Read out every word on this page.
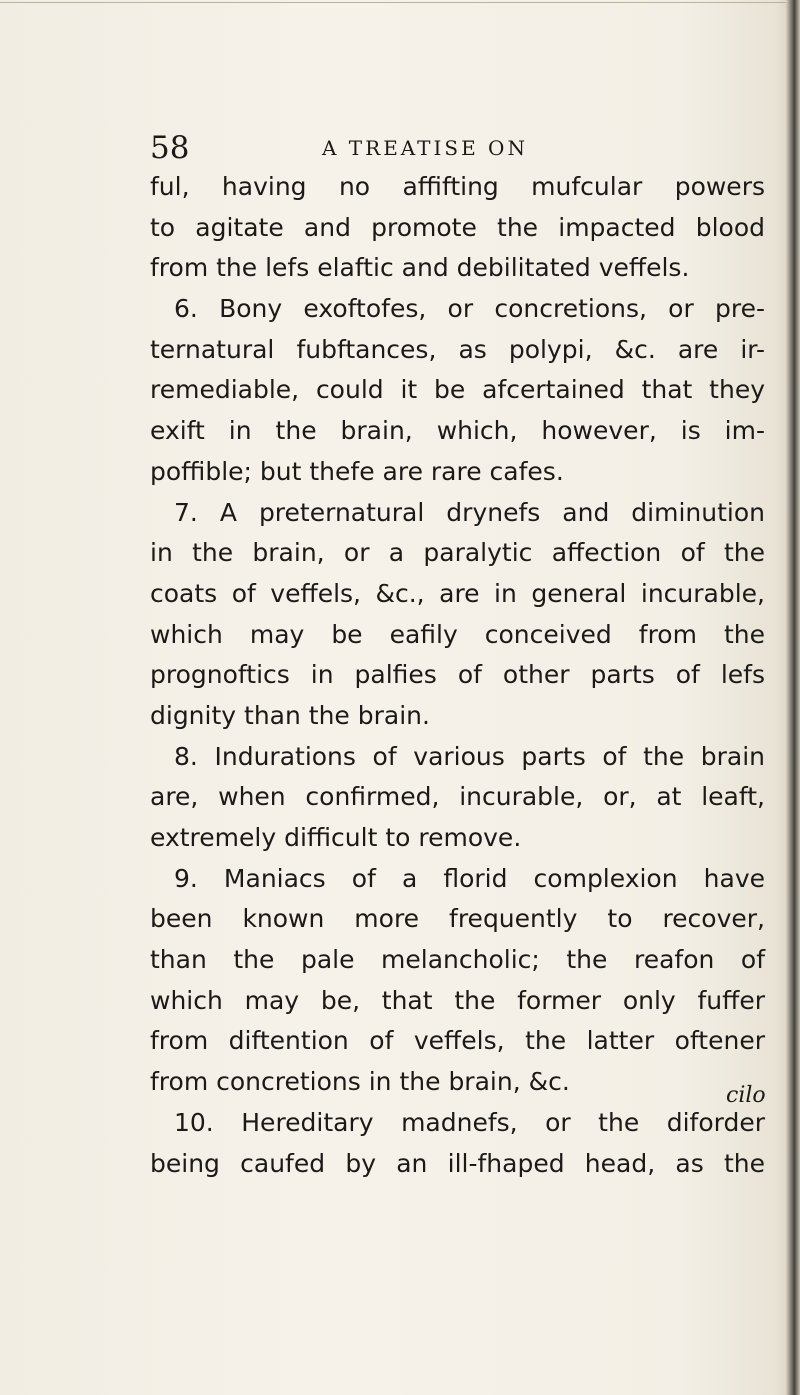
58	A TREATISE ON
ful, having no affifting mufcular powers
to agitate and promote the impacted blood
from the lefs elaftic and debilitated veffels.
6. Bony exoftofes, or concretions, or pre-
ternatural fubftances, as polypi, &c. are ir-
remediable, could it be afcertained that they
exift in the brain, which, however, is im-
poffible; but thefe are rare cafes.
7. A preternatural drynefs and diminution
in the brain, or a paralytic affection of the
coats of veffels, &c., are in general incurable,
which may be eafily conceived from the
prognoftics in palfies of other parts of lefs
dignity than the brain.
8. Indurations of various parts of the brain
are, when confirmed, incurable, or, at leaft,
extremely difficult to remove.
9. Maniacs of a florid complexion have
been known more frequently to recover,
than the pale melancholic; the reafon of
which may be, that the former only fuffer
from diftention of veffels, the latter oftener
from concretions in the brain, &c.
10. Hereditary madnefs, or the diforder
being caufed by an ill-fhaped head, as the
cilo
